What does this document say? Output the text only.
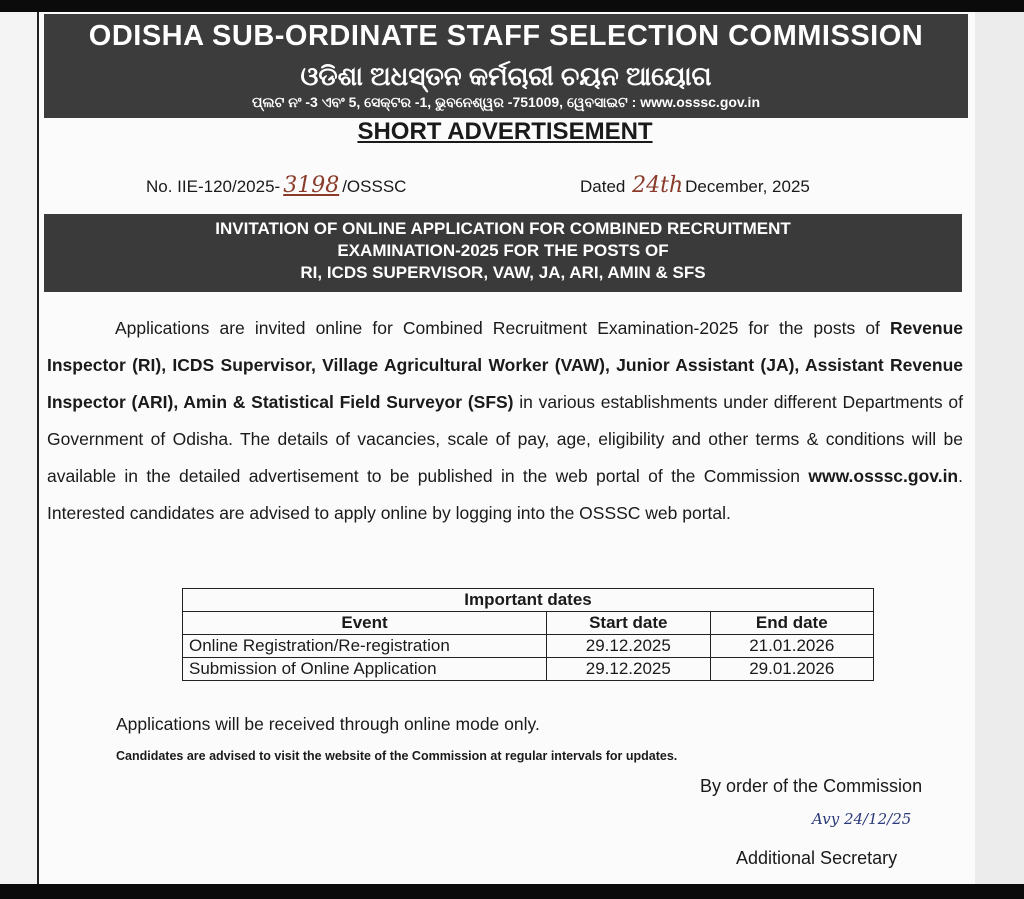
ODISHA SUB-ORDINATE STAFF SELECTION COMMISSION
ଓଡିଶା ଅଧସ୍ତନ କର୍ମଚାରୀ ଚୟନ ଆୟୋଗ
ପ୍ଲଟ ନଂ -3 ଏବଂ 5, ସେକ୍ଟର -1, ଭୁବନେଶ୍ୱର -751009, ୱେବସାଇଟ : www.osssc.gov.in
SHORT ADVERTISEMENT
No. IIE-120/2025- 3198 /OSSSC	Dated 24th December, 2025
INVITATION OF ONLINE APPLICATION FOR COMBINED RECRUITMENT
EXAMINATION-2025 FOR THE POSTS OF
RI, ICDS SUPERVISOR, VAW, JA, ARI, AMIN & SFS

Applications are invited online for Combined Recruitment Examination-2025 for the posts of Revenue Inspector (RI), ICDS Supervisor, Village Agricultural Worker (VAW), Junior Assistant (JA), Assistant Revenue Inspector (ARI), Amin & Statistical Field Surveyor (SFS) in various establishments under different Departments of Government of Odisha. The details of vacancies, scale of pay, age, eligibility and other terms & conditions will be available in the detailed advertisement to be published in the web portal of the Commission www.osssc.gov.in. Interested candidates are advised to apply online by logging into the OSSSC web portal.

Important dates		
Event	Start date	End date
Online Registration/Re-registration	29.12.2025	21.01.2026
Submission of Online Application	29.12.2025	29.01.2026
Applications will be received through online mode only.
Candidates are advised to visit the website of the Commission at regular intervals for updates.
By order of the Commission
Avy 24/12/25
Additional Secretary
